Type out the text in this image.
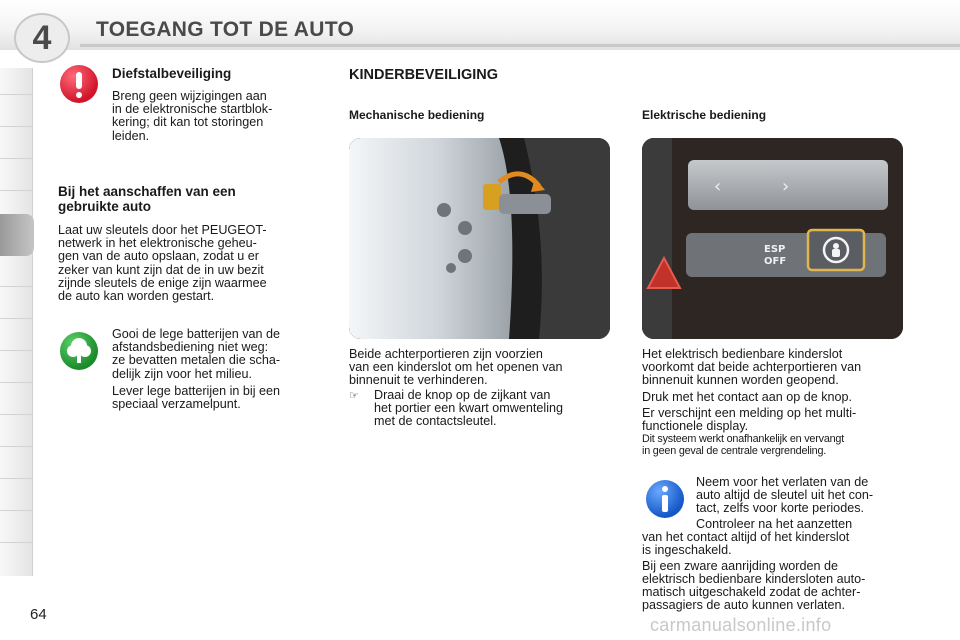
4	TOEGANG TOT DE AUTO
Diefstalbeveiliging
Breng geen wijzigingen aan
in de elektronische startblok-
kering; dit kan tot storingen
leiden.
Bij het aanschaffen van een
gebruikte auto
Laat uw sleutels door het PEUGEOT-
netwerk in het elektronische geheu-
gen van de auto opslaan, zodat u er
zeker van kunt zijn dat de in uw bezit
zijnde sleutels de enige zijn waarmee
de auto kan worden gestart.
Gooi de lege batterijen van de
afstandsbediening niet weg:
ze bevatten metalen die scha-
delijk zijn voor het milieu.
Lever lege batterijen in bij een
speciaal verzamelpunt.
KINDERBEVEILIGING
Mechanische bediening
Beide achterportieren zijn voorzien
van een kinderslot om het openen van
binnenuit te verhinderen.
☞ Draai de knop op de zijkant van
het portier een kwart omwenteling
met de contactsleutel.
Elektrische bediening
‹	›
ESP
OFF
Het elektrisch bedienbare kinderslot
voorkomt dat beide achterportieren van
binnenuit kunnen worden geopend.
Druk met het contact aan op de knop.
Er verschijnt een melding op het multi-
functionele display.

Dit systeem werkt onafhankelijk en vervangt
in geen geval de centrale vergrendeling.

Neem voor het verlaten van de
auto altijd de sleutel uit het con-
tact, zelfs voor korte periodes.
Controleer na het aanzetten
van het contact altijd of het kinderslot
is ingeschakeld.
Bij een zware aanrijding worden de
elektrisch bedienbare kindersloten auto-
matisch uitgeschakeld zodat de achter-
passagiers de auto kunnen verlaten.
64
carmanualsonline.info
